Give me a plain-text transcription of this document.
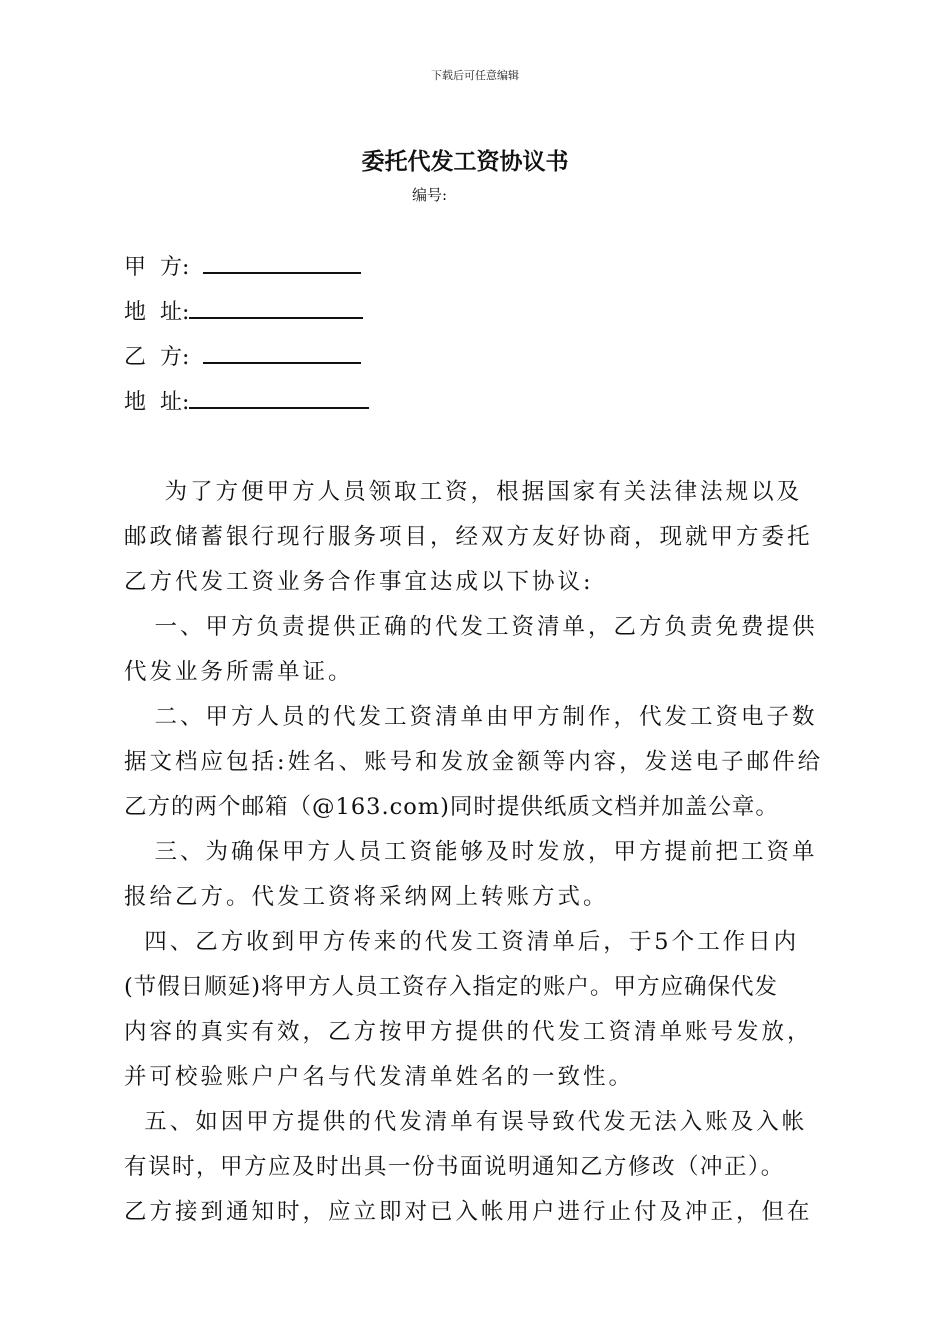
下载后可任意编辑
委托代发工资协议书
编号:
甲  方:
地  址:
乙  方:
地  址:
为了方便甲方人员领取工资，根据国家有关法律法规以及
邮政储蓄银行现行服务项目，经双方友好协商，现就甲方委托
乙方代发工资业务合作事宜达成以下协议:
一、甲方负责提供正确的代发工资清单，乙方负责免费提供
代发业务所需单证。
二、甲方人员的代发工资清单由甲方制作，代发工资电子数
据文档应包括:姓名、账号和发放金额等内容，发送电子邮件给
乙方的两个邮箱（@163.com)同时提供纸质文档并加盖公章。
三、为确保甲方人员工资能够及时发放，甲方提前把工资单
报给乙方。代发工资将采纳网上转账方式。
四、乙方收到甲方传来的代发工资清单后，于5个工作日内
(节假日顺延)将甲方人员工资存入指定的账户。甲方应确保代发
内容的真实有效，乙方按甲方提供的代发工资清单账号发放，
并可校验账户户名与代发清单姓名的一致性。
五、如因甲方提供的代发清单有误导致代发无法入账及入帐
有误时，甲方应及时出具一份书面说明通知乙方修改（冲正）。
乙方接到通知时，应立即对已入帐用户进行止付及冲正，但在
